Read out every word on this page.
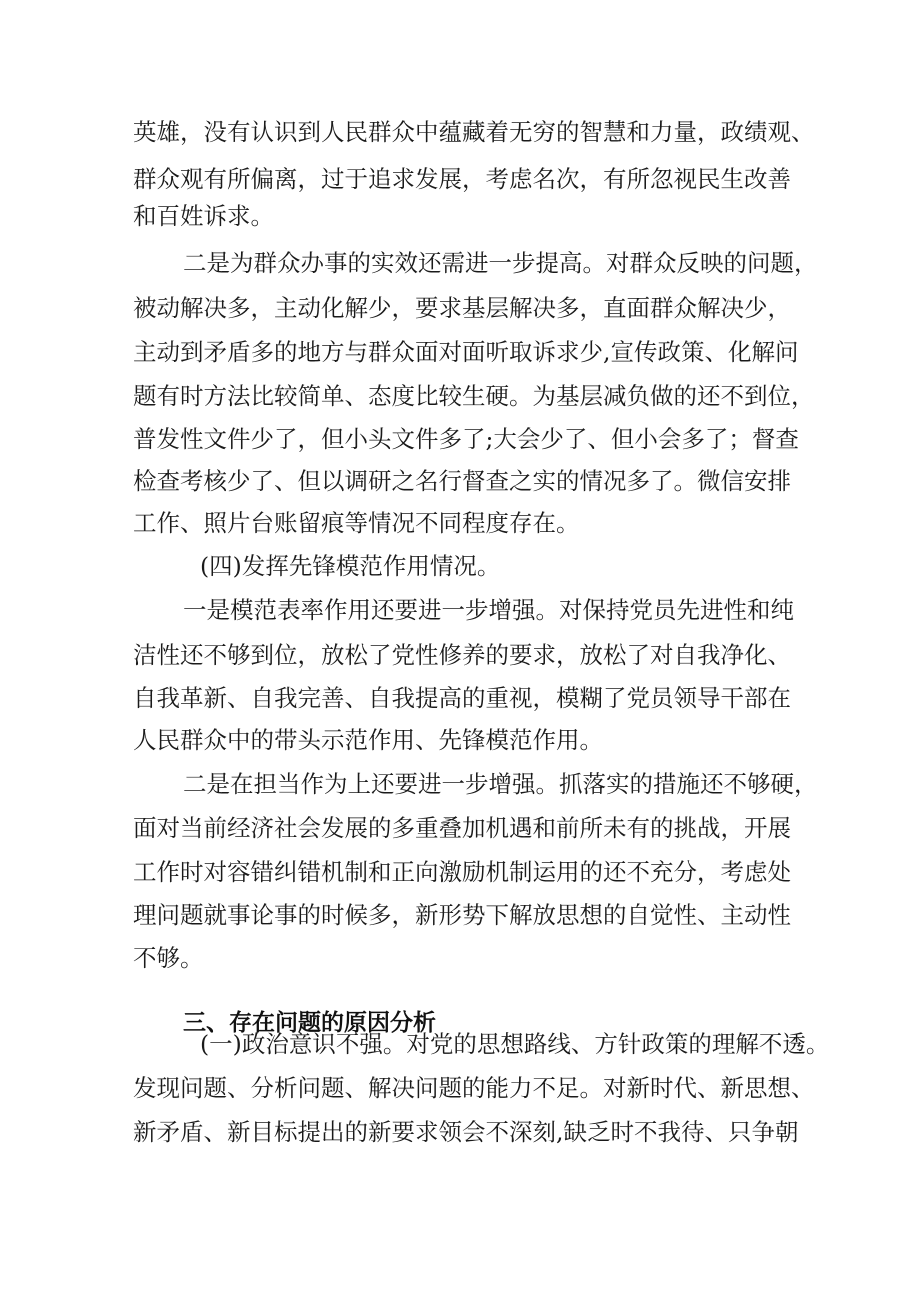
英雄，没有认识到人民群众中蕴藏着无穷的智慧和力量，政绩观、

群众观有所偏离，过于追求发展，考虑名次，有所忽视民生改善

和百姓诉求。

二是为群众办事的实效还需进一步提高。对群众反映的问题，

被动解决多，主动化解少，要求基层解决多，直面群众解决少，

主动到矛盾多的地方与群众面对面听取诉求少,宣传政策、化解问

题有时方法比较简单、态度比较生硬。为基层减负做的还不到位，

普发性文件少了，但小头文件多了;大会少了、但小会多了；督查

检查考核少了、但以调研之名行督查之实的情况多了。微信安排

工作、照片台账留痕等情况不同程度存在。

(四)发挥先锋模范作用情况。

一是模范表率作用还要进一步增强。对保持党员先进性和纯

洁性还不够到位，放松了党性修养的要求，放松了对自我净化、

自我革新、自我完善、自我提高的重视，模糊了党员领导干部在

人民群众中的带头示范作用、先锋模范作用。

二是在担当作为上还要进一步增强。抓落实的措施还不够硬，

面对当前经济社会发展的多重叠加机遇和前所未有的挑战，开展

工作时对容错纠错机制和正向激励机制运用的还不充分，考虑处

理问题就事论事的时候多，新形势下解放思想的自觉性、主动性

不够。

三、存在问题的原因分析

(一)政治意识不强。对党的思想路线、方针政策的理解不透。

发现问题、分析问题、解决问题的能力不足。对新时代、新思想、

新矛盾、新目标提出的新要求领会不深刻,缺乏时不我待、只争朝
